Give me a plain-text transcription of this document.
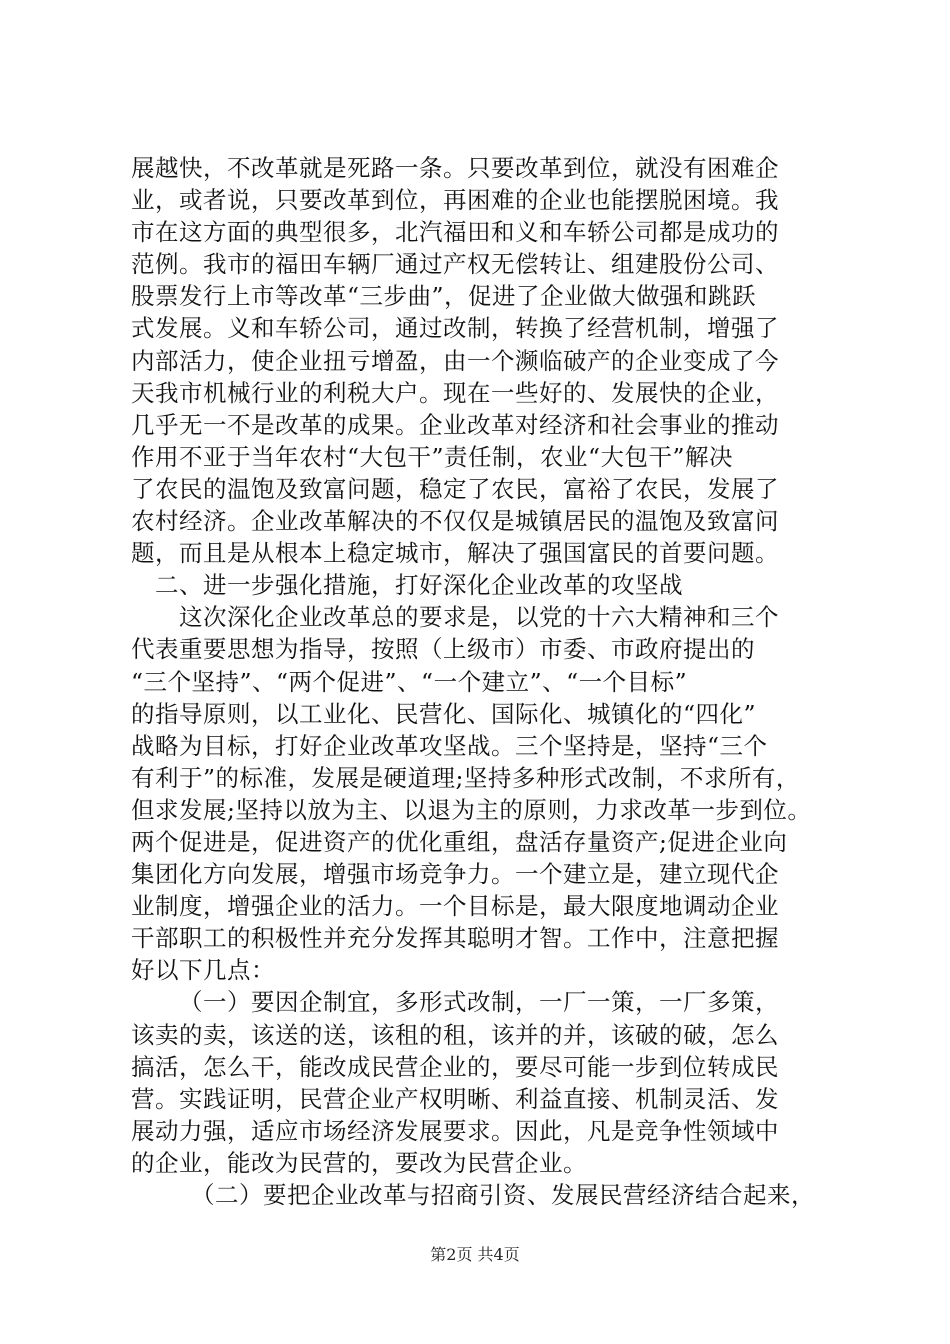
展越快，不改革就是死路一条。只要改革到位，就没有困难企
业，或者说，只要改革到位，再困难的企业也能摆脱困境。我
市在这方面的典型很多，北汽福田和义和车轿公司都是成功的
范例。我市的福田车辆厂通过产权无偿转让、组建股份公司、
股票发行上市等改革“三步曲”，促进了企业做大做强和跳跃
式发展。义和车轿公司，通过改制，转换了经营机制，增强了
内部活力，使企业扭亏增盈，由一个濒临破产的企业变成了今
天我市机械行业的利税大户。现在一些好的、发展快的企业，
几乎无一不是改革的成果。企业改革对经济和社会事业的推动
作用不亚于当年农村“大包干”责任制，农业“大包干”解决
了农民的温饱及致富问题，稳定了农民，富裕了农民，发展了
农村经济。企业改革解决的不仅仅是城镇居民的温饱及致富问
题，而且是从根本上稳定城市，解决了强国富民的首要问题。
二、进一步强化措施，打好深化企业改革的攻坚战
这次深化企业改革总的要求是，以党的十六大精神和三个
代表重要思想为指导，按照（上级市）市委、市政府提出的
“三个坚持”、“两个促进”、“一个建立”、“一个目标”
的指导原则，以工业化、民营化、国际化、城镇化的“四化”
战略为目标，打好企业改革攻坚战。三个坚持是，坚持“三个
有利于”的标准，发展是硬道理;坚持多种形式改制，不求所有，
但求发展;坚持以放为主、以退为主的原则，力求改革一步到位。
两个促进是，促进资产的优化重组，盘活存量资产;促进企业向
集团化方向发展，增强市场竞争力。一个建立是，建立现代企
业制度，增强企业的活力。一个目标是，最大限度地调动企业
干部职工的积极性并充分发挥其聪明才智。工作中，注意把握
好以下几点：
（一）要因企制宜，多形式改制，一厂一策，一厂多策，
该卖的卖，该送的送，该租的租，该并的并，该破的破，怎么
搞活，怎么干，能改成民营企业的，要尽可能一步到位转成民
营。实践证明，民营企业产权明晰、利益直接、机制灵活、发
展动力强，适应市场经济发展要求。因此，凡是竞争性领域中
的企业，能改为民营的，要改为民营企业。
（二）要把企业改革与招商引资、发展民营经济结合起来，
第2页 共4页
